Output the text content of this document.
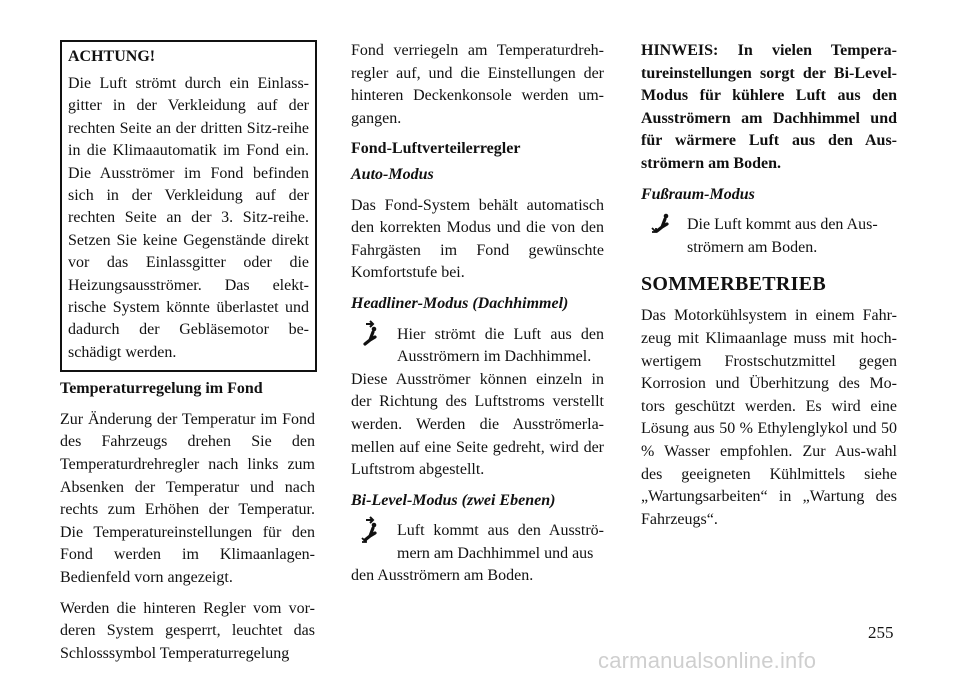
ACHTUNG!

Die Luft strömt durch ein Einlass-gitter in der Verkleidung auf der rechten Seite an der dritten Sitz-reihe in die Klimaautomatik im Fond ein. Die Ausströmer im Fond befinden sich in der Verkleidung auf der rechten Seite an der 3. Sitz-reihe. Setzen Sie keine Gegenstände direkt vor das Einlassgitter oder die Heizungsausströmer. Das elekt-rische System könnte überlastet und dadurch der Gebläsemotor be-schädigt werden.

Temperaturregelung im Fond

Zur Änderung der Temperatur im Fond des Fahrzeugs drehen Sie den Temperaturdrehregler nach links zum Absenken der Temperatur und nach rechts zum Erhöhen der Temperatur. Die Temperatureinstellungen für den Fond werden im Klimaanlagen-Bedienfeld vorn angezeigt.

Werden die hinteren Regler vom vor-deren System gesperrt, leuchtet das Schlosssymbol Temperaturregelung

Fond verriegeln am Temperaturdreh-regler auf, und die Einstellungen der hinteren Deckenkonsole werden um-gangen.

Fond-Luftverteilerregler

Auto-Modus

Das Fond-System behält automatisch den korrekten Modus und die von den Fahrgästen im Fond gewünschte Komfortstufe bei.

Headliner-Modus (Dachhimmel)

Hier strömt die Luft aus den Ausströmern im Dachhimmel.

Diese Ausströmer können einzeln in der Richtung des Luftstroms verstellt werden. Werden die Ausströmerla-mellen auf eine Seite gedreht, wird der Luftstrom abgestellt.

Bi-Level-Modus (zwei Ebenen)

Luft kommt aus den Ausströ-mern am Dachhimmel und aus

den Ausströmern am Boden.

HINWEIS: In vielen Tempera-tureinstellungen sorgt der Bi-Level-Modus für kühlere Luft aus den Ausströmern am Dachhimmel und für wärmere Luft aus den Aus-strömern am Boden.

Fußraum-Modus

Die Luft kommt aus den Aus-strömern am Boden.

SOMMERBETRIEB

Das Motorkühlsystem in einem Fahr-zeug mit Klimaanlage muss mit hoch-wertigem Frostschutzmittel gegen Korrosion und Überhitzung des Mo-tors geschützt werden. Es wird eine Lösung aus 50 % Ethylenglykol und 50 % Wasser empfohlen. Zur Aus-wahl des geeigneten Kühlmittels siehe „Wartungsarbeiten“ in „Wartung des Fahrzeugs“.

255
carmanualsonline.info
